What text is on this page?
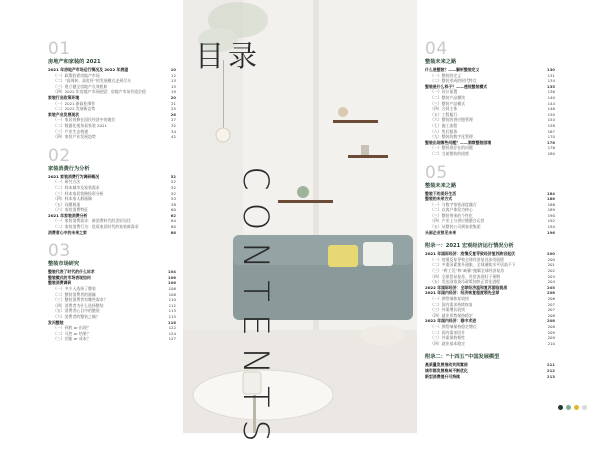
01
房地产和家装的 2021
2021 年房地产市场运行情况及 2022 年展望	10
（一）政策收紧房地产市场	12
（二）“高周转、高杠杆”的发展模式走到尽头	13
（三）建立健全房地产长效机制	15
（四）2022 年房地产市场展望：房地产市场有望企稳	19
家装行业政策环境	20
（一）2021 新政松绑作	21
（二）2022 发展新态势	25
家装产业发展现状	26
（一）家居装修在国民经济中的地位	27
（二）数据化视角看家装 2021	32
（三）产业生态构建	34
（四）家装产业发展趋势	42
02
家装消费行为分析
2021 家装消费行为调研概况	52
（一）研究方法	52
（二）样本城市及家装需求	52
（三）样本家居装修投资分析	52
（四）样本家人群画像	53
（五）问题框架	58
（六）家装消费特征	60
2021 年家装消费分析	62
（一）家装消费需求：新消费时代的美好居住	64
（二）家装消费行为：优质家居时代的家装新需求	80
消费者心中的未来之家	86
03
整装市场研究
整装代表了时代的什么诉求	104
整装模式的市场表现如何	106
整装消费调研	106
（一）多少人选择了整装	106
（二）整装消费者的画像	108
（三）整装消费者有哪些需求？	110
（四）消费者为什么选择整装	112
（五）消费者心目中的整装	113
（六）消费者的整装之痛？	115
发问整装	116
（一）到底 or 出现？	122
（二）可控 or 结果？	124
（三）功能 or 成本？	127
目录
CONTENTS
04
整装未来之路
什么是整装？——解析整装定义	130
（一）整装的定义	131
（二）整装形成的时代特点	134
整装是什么样子？——透视整装模式	135
（一）设计前置	136
（二）整装产品模块	140
（三）整装产品模式	144
（四）合同主体	146
（五）工程履行	150
（六）整装的供应链管理	154
（七）施工流程	158
（八）售后服务	167
（九）整装的数字化管理	170
整装出现哪些问题？——洞察整装困境	176
（一）整装现存在的问题	176
（二）当前整装的困惑	180
05
整装未来之路
整装下的美好生活	184
整装的未来方式	186
（一）与数字家装深度融合	186
（二）以客户体验为核心	189
（三）整装带来的个性化	190
（四）产业上与供应链整合运营	192
（五）从整装公司到家装集团	194
头部企业预见未来	196
附录一：2021 宏观经济运行情况分析
2021 年国际经济：疫情反复导致经济复苏跌宕起伏	200
（一）疫情反复导致全球经济复苏步伐放缓	200
（二）多重因素推升通胀，全球通胀水平居高不下	201
（三）“两工荒”和“缺蓄”拖累全球经济复苏	202
（四）全球贸易复苏，外贸表现好于预期	203
（五）发达国家货币政策加快正常化进程	204
2022 年国际经济：全球经济温和复苏面临挑战	205
2021 年国内经济：经济恢复程度领先全球	206
（一）供给端恢复较快	206
（二）国内需求持续恢复	207
（三）外需增长较快	207
（四）就业形势保持稳定	208
2022 年国内经济：稳中求进	208
（一）供给端保持稳定增长	208
（二）国内需求回升	209
（三）外需保持韧性	209
（四）就业基本稳定	210
附录二：“十四五”中国发展模型
高质量发展推动共同富裕	211
城市群发展格局不断优化	212
新型消费提升可持续	213
